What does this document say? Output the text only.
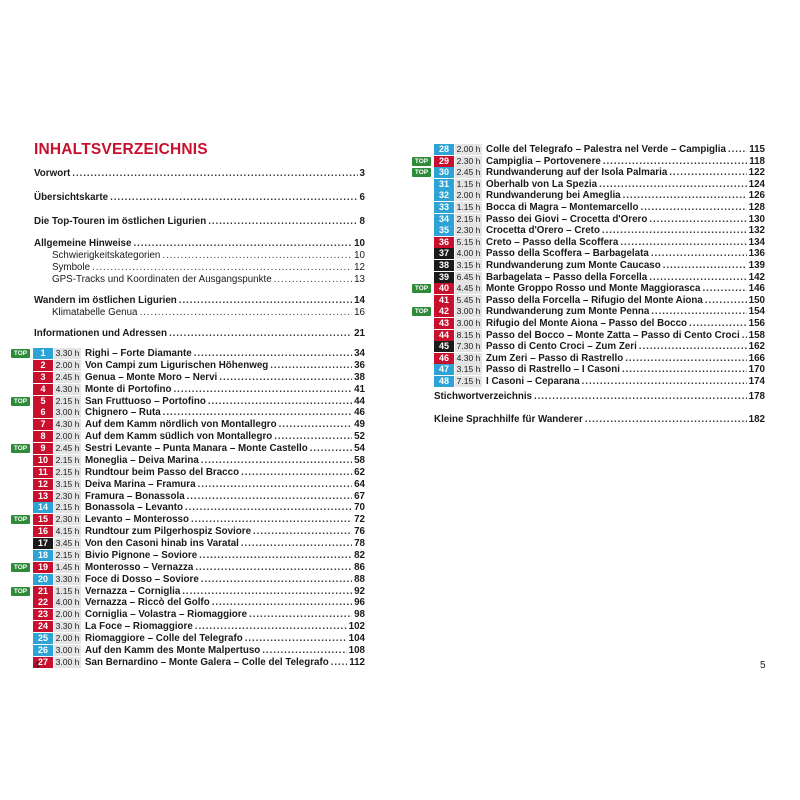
INHALTSVERZEICHNIS
Vorwort . . .	3
Übersichtskarte . . .	6
Die Top-Touren im östlichen Ligurien . . .	8
Allgemeine Hinweise . . .	10
Schwierigkeitskategorien . . .	10
Symbole . . .	12
GPS-Tracks und Koordinaten der Ausgangspunkte . . .	13
Wandern im östlichen Ligurien . . .	14
Klimatabelle Genua . . .	16
Informationen und Adressen . . .	21
TOP	1	3.30 h Righi – Forte Diamante . . .	34
2	2.00 h Von Campi zum Ligurischen Höhenweg . . .	36
3	2.45 h Genua – Monte Moro – Nervi . . .	38
4	4.30 h Monte di Portofino . . .	41
TOP	5	2.15 h San Fruttuoso – Portofino . . .	44
6	3.00 h Chignero – Ruta . . .	46
7	4.30 h Auf dem Kamm nördlich von Montallegro . . .	49
8	2.00 h Auf dem Kamm südlich von Montallegro . . .	52
TOP	9	2.45 h Sestri Levante – Punta Manara – Monte Castello . . .	54
10 2.15 h Moneglia – Deiva Marina . . .	58
11 2.15 h Rundtour beim Passo del Bracco . . .	62
12 3.15 h Deiva Marina – Framura . . .	64
13 2.30 h Framura – Bonassola . . .	67
14 2.15 h Bonassola – Levanto . . .	70
TOP	15 2.30 h Levanto – Monterosso . . .	72
16 4.15 h Rundtour zum Pilgerhospiz Soviore . . .	76
17 3.45 h Von den Casoni hinab ins Varatal . . .	78
18 2.15 h Bivio Pignone – Soviore . . .	82
TOP	19 1.45 h Monterosso – Vernazza . . .	86
20 3.30 h Foce di Dosso – Soviore . . .	88
TOP	21 1.15 h Vernazza – Corniglia . . .	92
22 4.00 h Vernazza – Riccò del Golfo . . .	96
23 2.00 h Corniglia – Volastra – Riomaggiore . . .	98
24 3.30 h La Foce – Riomaggiore . . .	102
25 2.00 h Riomaggiore – Colle del Telegrafo . . .	104
26 3.00 h Auf den Kamm des Monte Malpertuso . . .	108
27 3.00 h San Bernardino – Monte Galera – Colle del Telegrafo . . . 112
4
28 2.00 h Colle del Telegrafo – Palestra nel Verde – Campiglia . . . 115
TOP	29 2.30 h Campiglia – Portovenere . . .	118
TOP	30 2.45 h Rundwanderung auf der Isola Palmaria . . .	122
31 1.15 h Oberhalb von La Spezia . . .	124
32 2.00 h Rundwanderung bei Ameglia . . .	126
33 1.15 h Bocca di Magra – Montemarcello . . .	128
34 2.15 h Passo dei Giovi – Crocetta d'Orero . . .	130
35 2.30 h Crocetta d'Orero – Creto . . .	132
36 5.15 h Creto – Passo della Scoffera . . .	134
37 4.00 h Passo della Scoffera – Barbagelata . . .	136
38 3.15 h Rundwanderung zum Monte Caucaso . . .	139
39 6.45 h Barbagelata – Passo della Forcella . . .	142
TOP	40 4.45 h Monte Groppo Rosso und Monte Maggiorasca . . .	146
41 5.45 h Passo della Forcella – Rifugio del Monte Aiona . . .	150
TOP	42 3.00 h Rundwanderung zum Monte Penna . . .	154
43 3.00 h Rifugio del Monte Aiona – Passo del Bocco . . .	156
44 8.15 h Passo del Bocco – Monte Zatta – Passo di Cento Croci . . . 158
45 7.30 h Passo di Cento Croci – Zum Zeri . . .	162
46 4.30 h Zum Zeri – Passo di Rastrello . . .	166
47 3.15 h Passo di Rastrello – I Casoni . . .	170
48 7.15 h I Casoni – Ceparana . . .	174
Stichwortverzeichnis . . .	178
Kleine Sprachhilfe für Wanderer . . .	182
5
